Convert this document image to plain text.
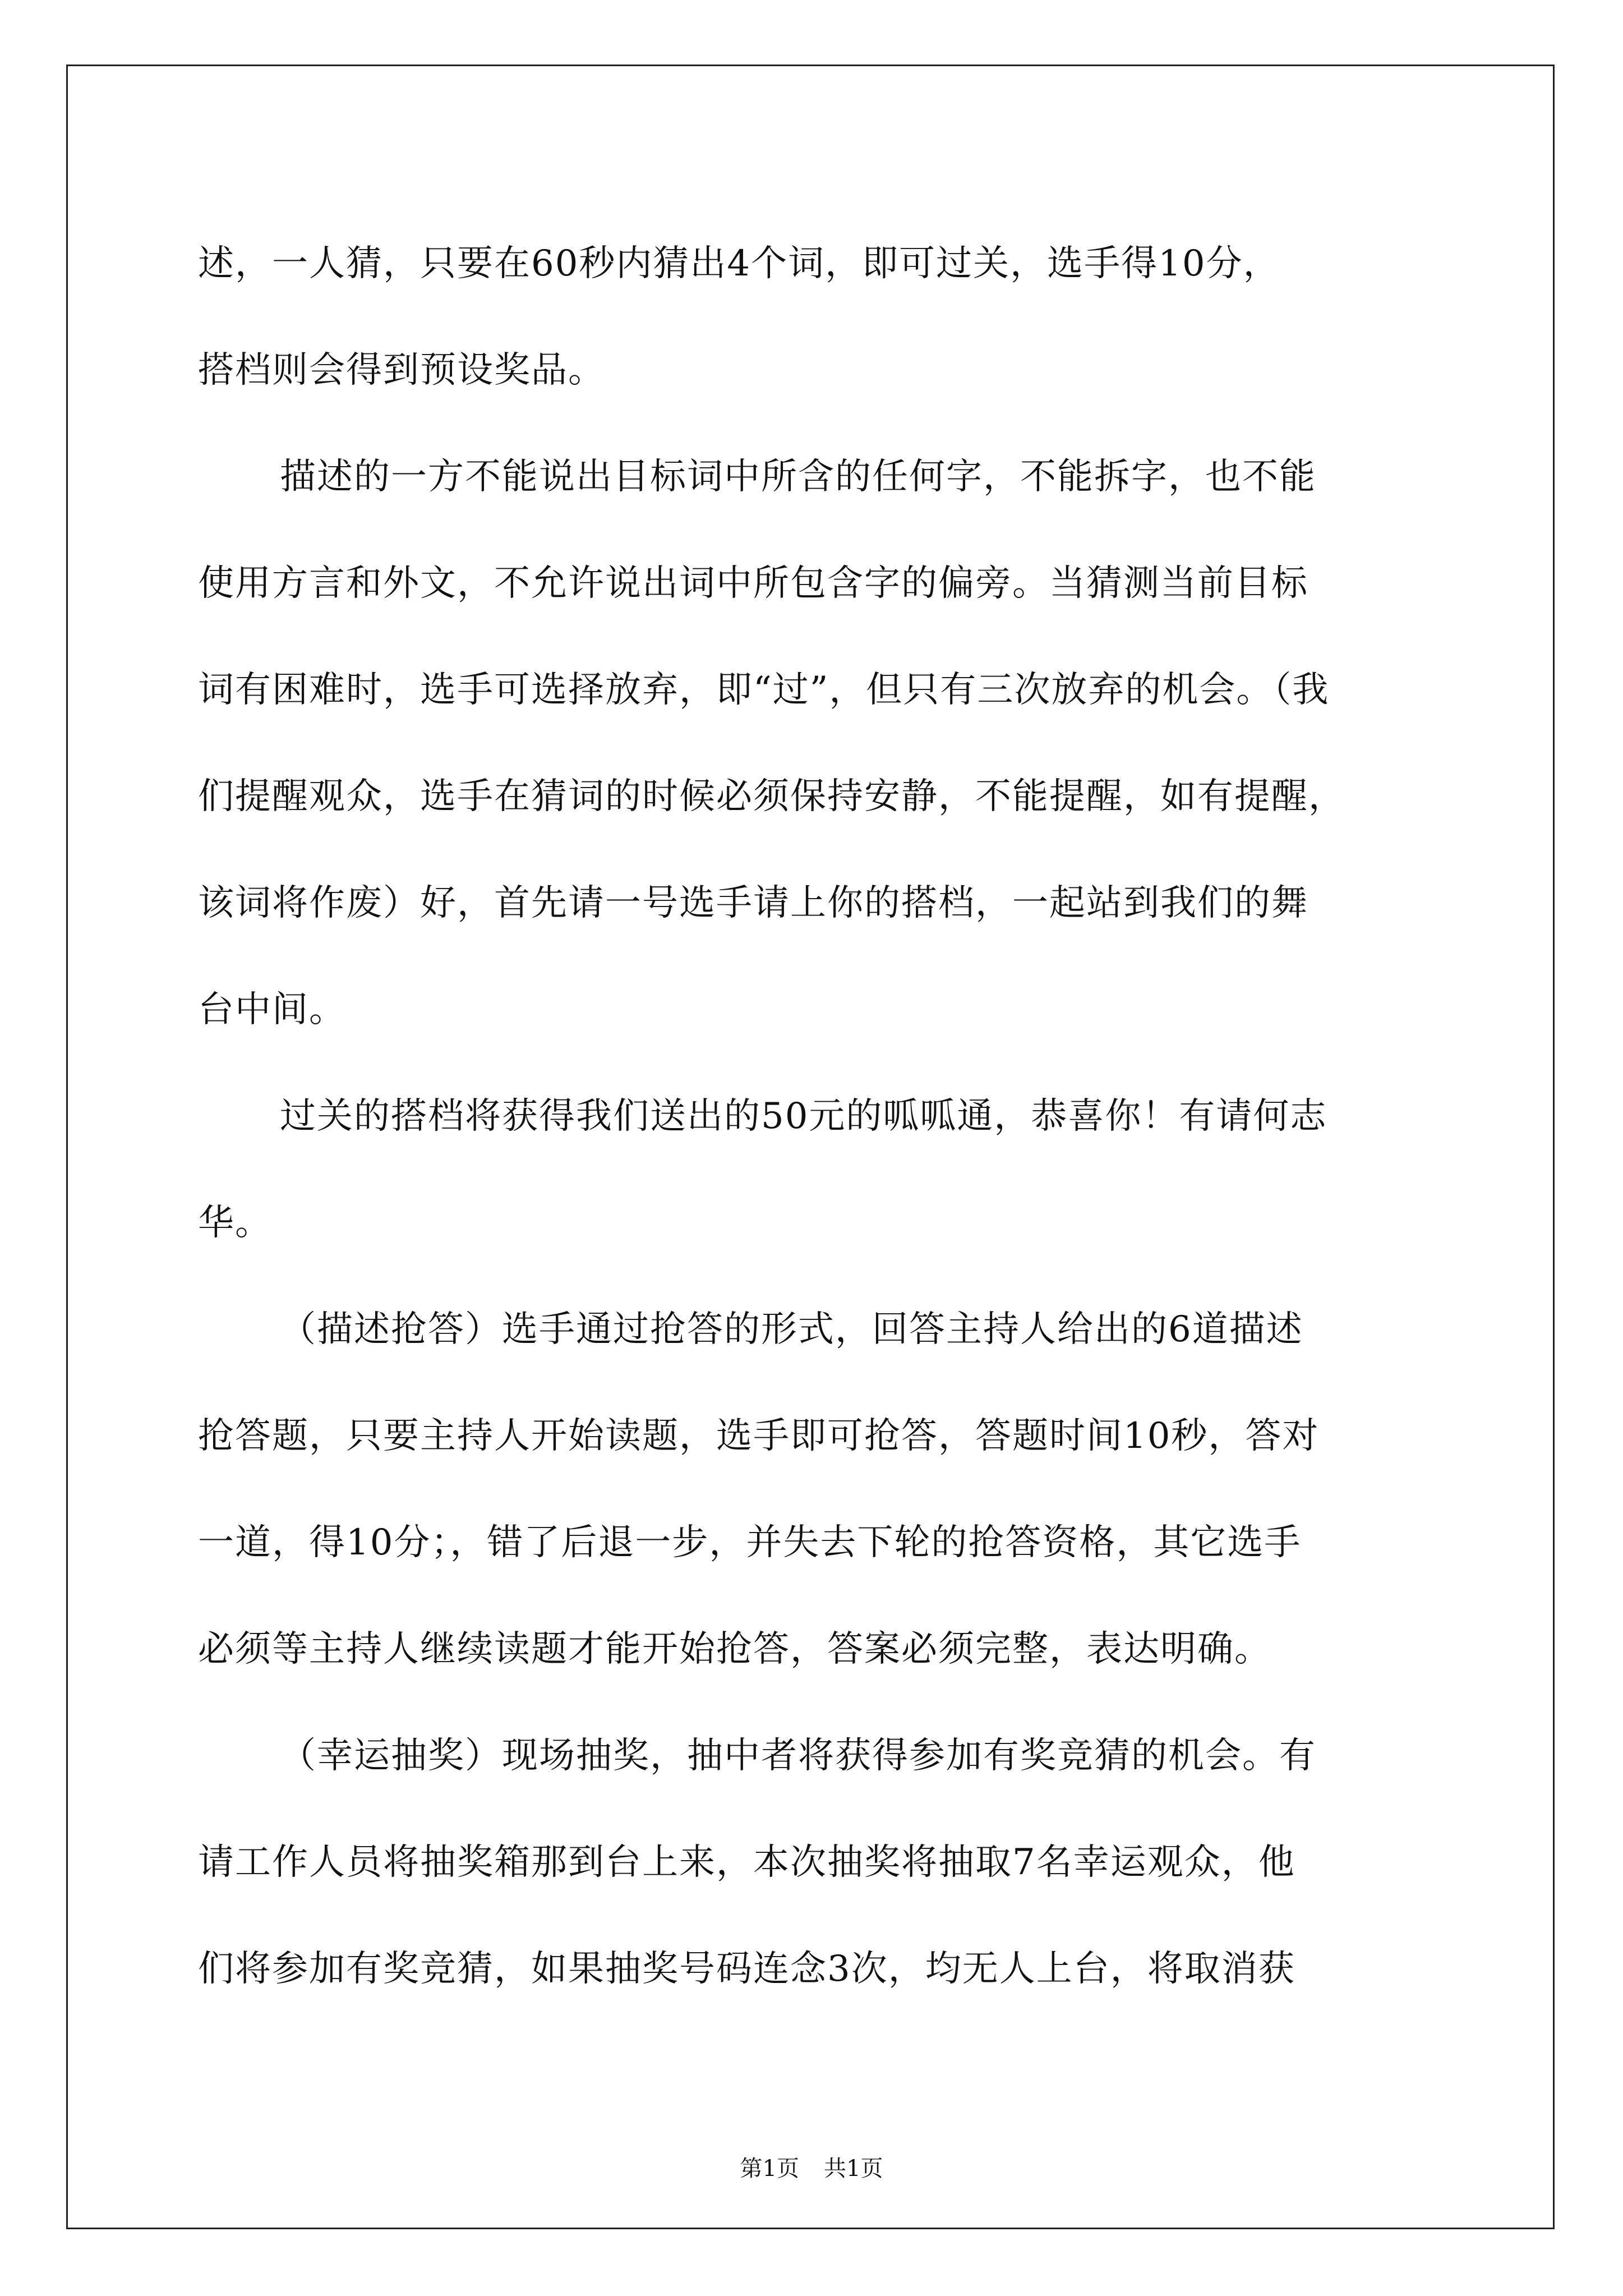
述，一人猜，只要在60秒内猜出4个词，即可过关，选手得10分，
搭档则会得到预设奖品。
描述的一方不能说出目标词中所含的任何字，不能拆字，也不能
使用方言和外文，不允许说出词中所包含字的偏旁。当猜测当前目标
词有困难时，选手可选择放弃，即“过”，但只有三次放弃的机会。（我
们提醒观众，选手在猜词的时候必须保持安静，不能提醒，如有提醒，
该词将作废）好，首先请一号选手请上你的搭档，一起站到我们的舞
台中间。
过关的搭档将获得我们送出的50元的呱呱通，恭喜你！有请何志
华。
（描述抢答）选手通过抢答的形式，回答主持人给出的6道描述
抢答题，只要主持人开始读题，选手即可抢答，答题时间10秒，答对
一道，得10分；，错了后退一步，并失去下轮的抢答资格，其它选手
必须等主持人继续读题才能开始抢答，答案必须完整，表达明确。
（幸运抽奖）现场抽奖，抽中者将获得参加有奖竞猜的机会。有
请工作人员将抽奖箱那到台上来，本次抽奖将抽取7名幸运观众，他
们将参加有奖竞猜，如果抽奖号码连念3次，均无人上台，将取消获
第1页 共1页
